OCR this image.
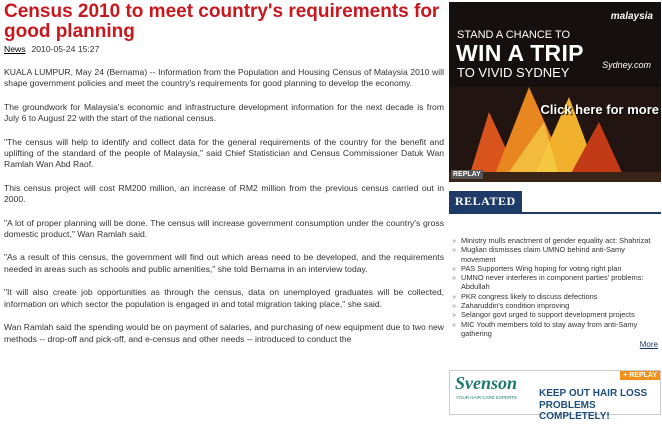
Census 2010 to meet country's requirements for good planning
News 2010-05-24 15:27

KUALA LUMPUR, May 24 (Bernama) -- Information from the Population and Housing Census of Malaysia 2010 will shape government policies and meet the country's requirements for good planning to develop the economy.

The groundwork for Malaysia's economic and infrastructure development information for the next decade is from July 6 to August 22 with the start of the national census.

"The census will help to identify and collect data for the general requirements of the country for the benefit and uplifting of the standard of the people of Malaysia," said Chief Statistician and Census Commissioner Datuk Wan Ramlah Wan Abd Raof.

This census project will cost RM200 million, an increase of RM2 million from the previous census carried out in 2000.

"A lot of proper planning will be done. The census will increase government consumption under the country's gross domestic product," Wan Ramlah said.

"As a result of this census, the government will find out which areas need to be developed, and the requirements needed in areas such as schools and public amenities," she told Bernama in an interview today.

"It will also create job opportunities as through the census, data on unemployed graduates will be collected, information on which sector the population is engaged in and total migration taking place," she said.

Wan Ramlah said the spending would be on payment of salaries, and purchasing of new equipment due to two new methods -- drop-off and pick-off, and e-census and other needs -- introduced to conduct the

malaysia
STAND A CHANCE TO
WIN A TRIP
TO VIVID SYDNEY	Sydney.com
Click here for more
REPLAY
RELATED
» Ministry mulls enactment of gender equality act: Shahrizat
» Muglian dismisses claim UMNO behind anti-Samy movement
» PAS Supporters Wing hoping for voting right plan
» UMNO never interferes in component parties' problems: Abdullah
» PKR congress likely to discuss defections
» Zaharuddin's condition improving
» Selangor govt urged to support development projects
» MIC Youth members told to stay away from anti-Samy gathering
More
Svenson
YOUR HAIR CARE EXPERTS KEEP OUT HAIR LOSS
PROBLEMS COMPLETELY!
+ REPLAY
